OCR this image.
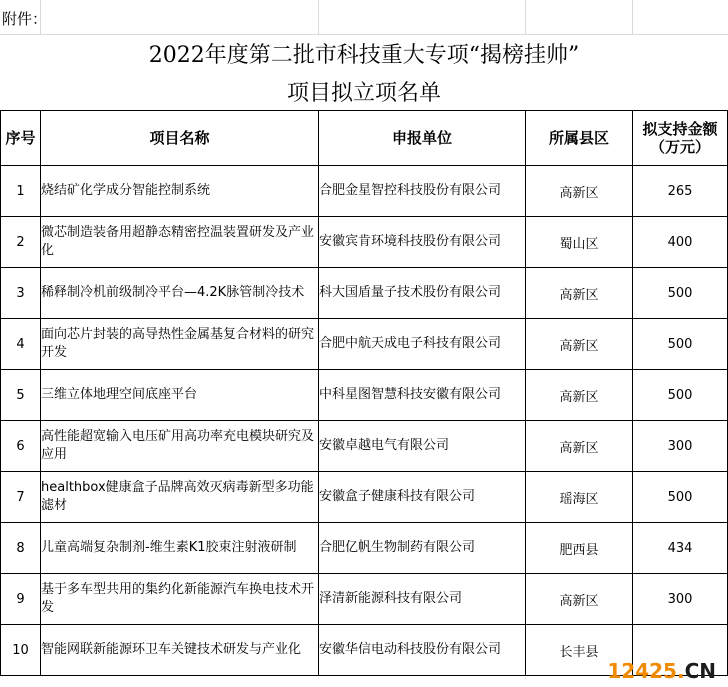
附件：
2022年度第二批市科技重大专项“揭榜挂帅”
项目拟立项名单
序号	项目名称	申报单位	所属县区	拟支持金额
（万元）

1	烧结矿化学成分智能控制系统	合肥金星智控科技股份有限公司	高新区	265
2	微芯制造装备用超静态精密控温装置研发及产业化	安徽宾肯环境科技股份有限公司	蜀山区	400
3	稀释制冷机前级制冷平台—4.2K脉管制冷技术	科大国盾量子技术股份有限公司	高新区	500
4	面向芯片封装的高导热性金属基复合材料的研究开发	合肥中航天成电子科技有限公司	高新区	500
5	三维立体地理空间底座平台	中科星图智慧科技安徽有限公司	高新区	500
6	高性能超宽输入电压矿用高功率充电模块研究及应用	安徽卓越电气有限公司	高新区	300
7	healthbox健康盒子品牌高效灭病毒新型多功能滤材	安徽盒子健康科技有限公司	瑶海区	500
8	儿童高端复杂制剂-维生素K1胶束注射液研制	合肥亿帆生物制药有限公司	肥西县	434
9	基于多车型共用的集约化新能源汽车换电技术开发	泽清新能源科技有限公司	高新区	300
10	智能网联新能源环卫车关键技术研发与产业化	安徽华信电动科技股份有限公司	长丰县	
12425.CN
